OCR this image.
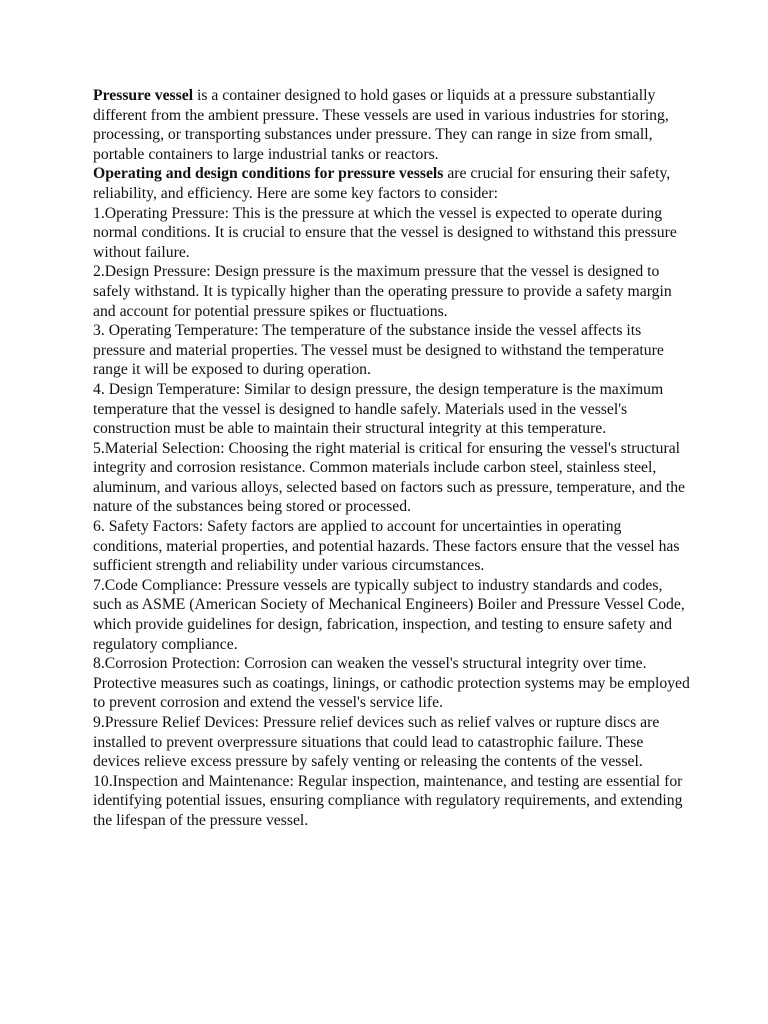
Pressure vessel is a container designed to hold gases or liquids at a pressure substantially different from the ambient pressure. These vessels are used in various industries for storing, processing, or transporting substances under pressure. They can range in size from small, portable containers to large industrial tanks or reactors.

Operating and design conditions for pressure vessels are crucial for ensuring their safety, reliability, and efficiency. Here are some key factors to consider:

1.Operating Pressure: This is the pressure at which the vessel is expected to operate during normal conditions. It is crucial to ensure that the vessel is designed to withstand this pressure without failure.

2.Design Pressure: Design pressure is the maximum pressure that the vessel is designed to safely withstand. It is typically higher than the operating pressure to provide a safety margin and account for potential pressure spikes or fluctuations.

3. Operating Temperature: The temperature of the substance inside the vessel affects its pressure and material properties. The vessel must be designed to withstand the temperature range it will be exposed to during operation.

4. Design Temperature: Similar to design pressure, the design temperature is the maximum temperature that the vessel is designed to handle safely. Materials used in the vessel's construction must be able to maintain their structural integrity at this temperature.

5.Material Selection: Choosing the right material is critical for ensuring the vessel's structural integrity and corrosion resistance. Common materials include carbon steel, stainless steel, aluminum, and various alloys, selected based on factors such as pressure, temperature, and the nature of the substances being stored or processed.

6. Safety Factors: Safety factors are applied to account for uncertainties in operating conditions, material properties, and potential hazards. These factors ensure that the vessel has sufficient strength and reliability under various circumstances.

7.Code Compliance: Pressure vessels are typically subject to industry standards and codes, such as ASME (American Society of Mechanical Engineers) Boiler and Pressure Vessel Code, which provide guidelines for design, fabrication, inspection, and testing to ensure safety and regulatory compliance.

8.Corrosion Protection: Corrosion can weaken the vessel's structural integrity over time. Protective measures such as coatings, linings, or cathodic protection systems may be employed to prevent corrosion and extend the vessel's service life.

9.Pressure Relief Devices: Pressure relief devices such as relief valves or rupture discs are installed to prevent overpressure situations that could lead to catastrophic failure. These devices relieve excess pressure by safely venting or releasing the contents of the vessel.

10.Inspection and Maintenance: Regular inspection, maintenance, and testing are essential for identifying potential issues, ensuring compliance with regulatory requirements, and extending the lifespan of the pressure vessel.
